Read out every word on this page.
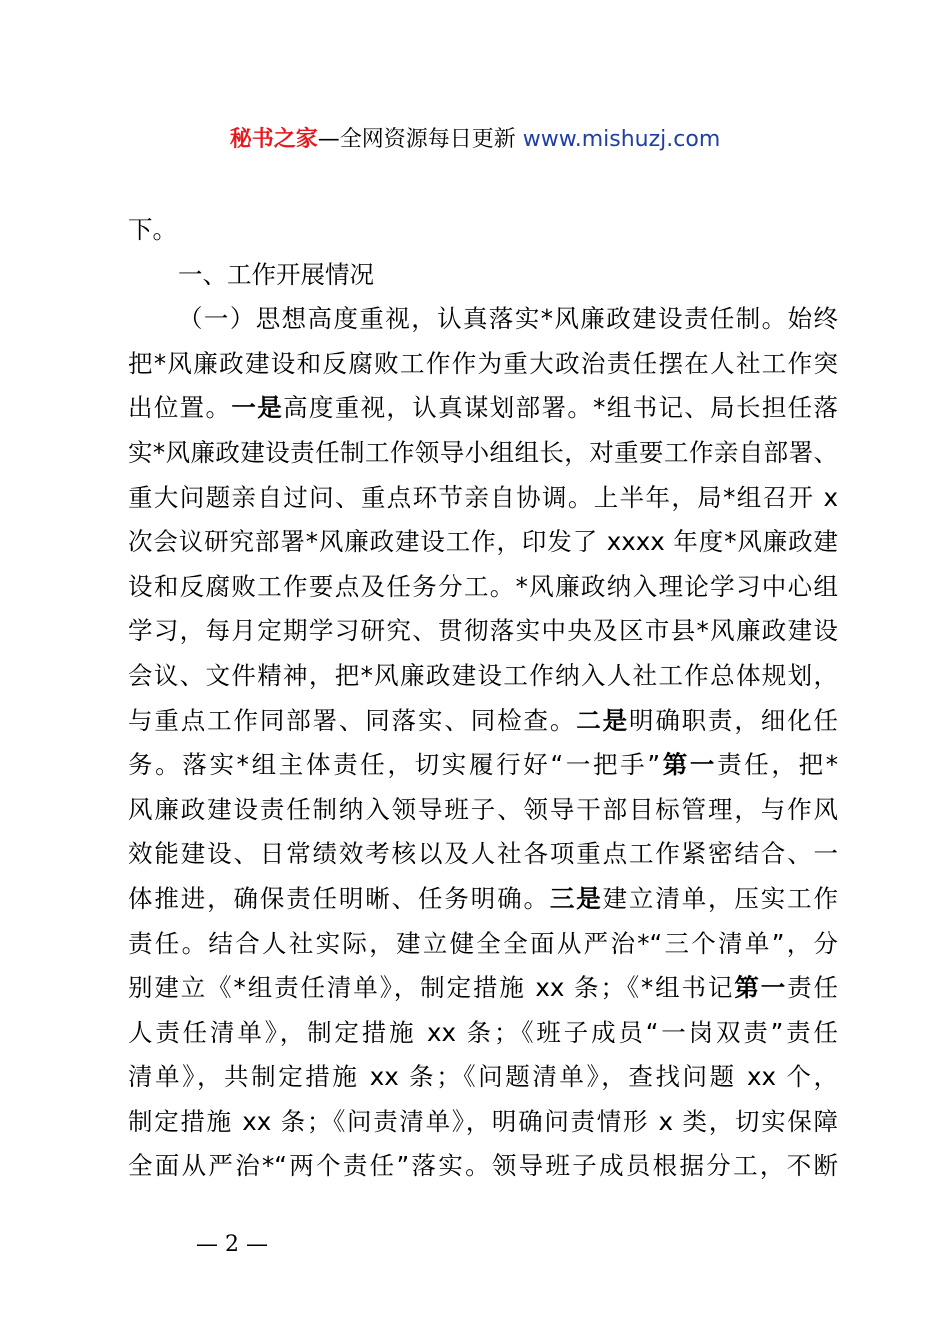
秘书之家—全网资源每日更新 www.mishuzj.com
下。
一、工作开展情况
（一）思想高度重视，认真落实*风廉政建设责任制。始终
把*风廉政建设和反腐败工作作为重大政治责任摆在人社工作突
出位置。一是高度重视，认真谋划部署。*组书记、局长担任落
实*风廉政建设责任制工作领导小组组长，对重要工作亲自部署、
重大问题亲自过问、重点环节亲自协调。上半年，局*组召开 x
次会议研究部署*风廉政建设工作，印发了 xxxx 年度*风廉政建
设和反腐败工作要点及任务分工。*风廉政纳入理论学习中心组
学习，每月定期学习研究、贯彻落实中央及区市县*风廉政建设
会议、文件精神，把*风廉政建设工作纳入人社工作总体规划，
与重点工作同部署、同落实、同检查。二是明确职责，细化任
务。落实*组主体责任，切实履行好“一把手”第一责任，把*
风廉政建设责任制纳入领导班子、领导干部目标管理，与作风
效能建设、日常绩效考核以及人社各项重点工作紧密结合、一
体推进，确保责任明晰、任务明确。三是建立清单，压实工作
责任。结合人社实际，建立健全全面从严治*“三个清单”，分
别建立《*组责任清单》，制定措施 xx 条；《*组书记第一责任
人责任清单》，制定措施 xx 条；《班子成员“一岗双责”责任
清单》，共制定措施 xx 条；《问题清单》，查找问题 xx 个，
制定措施 xx 条；《问责清单》，明确问责情形 x 类，切实保障
全面从严治*“两个责任”落实。领导班子成员根据分工，不断
— 2 —
